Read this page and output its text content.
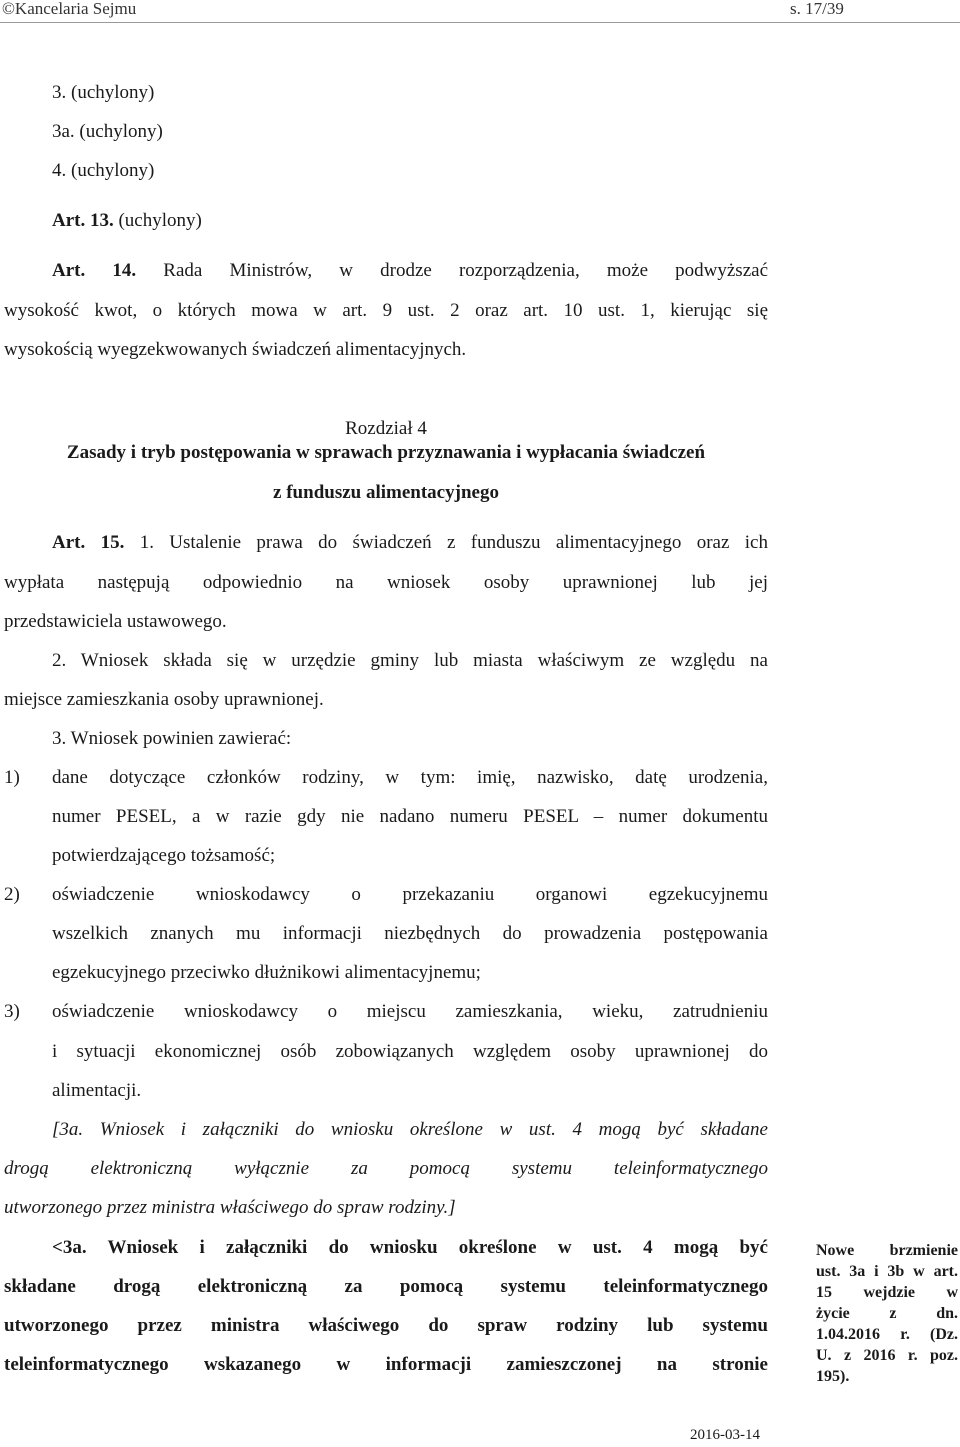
©Kancelaria Sejmu	s. 17/39
3. (uchylony)
3a. (uchylony)
4. (uchylony)
Art. 13. (uchylony)
Art. 14. Rada Ministrów, w drodze rozporządzenia, może podwyższać
wysokość kwot, o których mowa w art. 9 ust. 2 oraz art. 10 ust. 1, kierując się
wysokością wyegzekwowanych świadczeń alimentacyjnych.
Rozdział 4
Zasady i tryb postępowania w sprawach przyznawania i wypłacania świadczeń
z funduszu alimentacyjnego
Art. 15. 1. Ustalenie prawa do świadczeń z funduszu alimentacyjnego oraz ich
wypłata następują odpowiednio na wniosek osoby uprawnionej lub jej
przedstawiciela ustawowego.
2. Wniosek składa się w urzędzie gminy lub miasta właściwym ze względu na
miejsce zamieszkania osoby uprawnionej.
3. Wniosek powinien zawierać:
1) dane dotyczące członków rodziny, w tym: imię, nazwisko, datę urodzenia,
numer PESEL, a w razie gdy nie nadano numeru PESEL – numer dokumentu
potwierdzającego tożsamość;
2) oświadczenie wnioskodawcy o przekazaniu organowi egzekucyjnemu
wszelkich znanych mu informacji niezbędnych do prowadzenia postępowania
egzekucyjnego przeciwko dłużnikowi alimentacyjnemu;
3) oświadczenie wnioskodawcy o miejscu zamieszkania, wieku, zatrudnieniu
i sytuacji ekonomicznej osób zobowiązanych względem osoby uprawnionej do
alimentacji.
[3a. Wniosek i załączniki do wniosku określone w ust. 4 mogą być składane
drogą elektroniczną wyłącznie za pomocą systemu teleinformatycznego
utworzonego przez ministra właściwego do spraw rodziny.]
<3a. Wniosek i załączniki do wniosku określone w ust. 4 mogą być
składane drogą elektroniczną za pomocą systemu teleinformatycznego
utworzonego przez ministra właściwego do spraw rodziny lub systemu
teleinformatycznego wskazanego w informacji zamieszczonej na stronie
Nowe brzmienie
ust. 3a i 3b w art.
15 wejdzie w
życie z dn.
1.04.2016 r. (Dz.
U. z 2016 r. poz.
195).
2016-03-14
